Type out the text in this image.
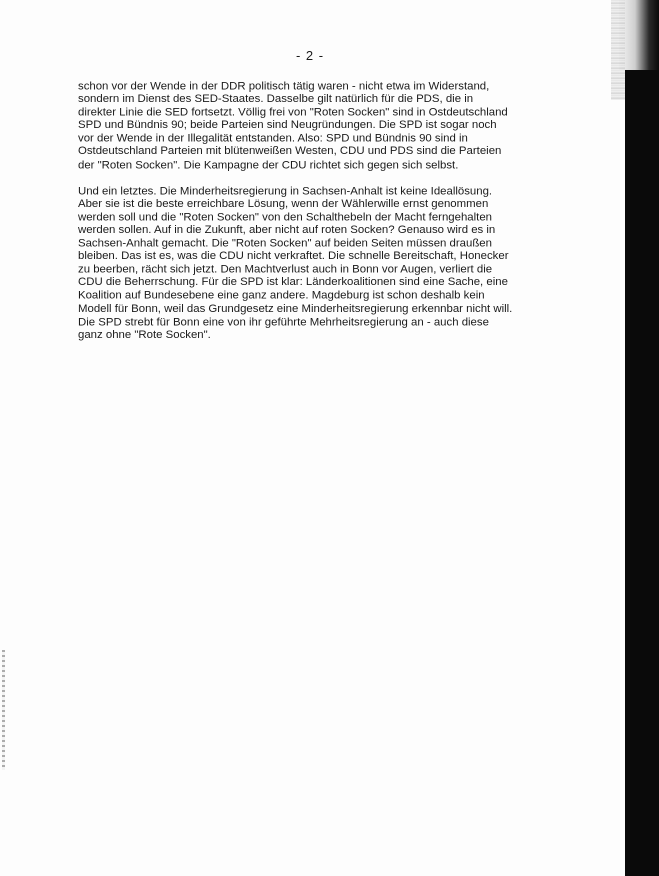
- 2 -
schon vor der Wende in der DDR politisch tätig waren - nicht etwa im Widerstand,
sondern im Dienst des SED-Staates. Dasselbe gilt natürlich für die PDS, die in
direkter Linie die SED fortsetzt. Völlig frei von "Roten Socken" sind in Ostdeutschland
SPD und Bündnis 90; beide Parteien sind Neugründungen. Die SPD ist sogar noch
vor der Wende in der Illegalität entstanden. Also: SPD und Bündnis 90 sind in
Ostdeutschland Parteien mit blütenweißen Westen, CDU und PDS sind die Parteien
der "Roten Socken". Die Kampagne der CDU richtet sich gegen sich selbst.
Und ein letztes. Die Minderheitsregierung in Sachsen-Anhalt ist keine Ideallösung.
Aber sie ist die beste erreichbare Lösung, wenn der Wählerwille ernst genommen
werden soll und die "Roten Socken" von den Schalthebeln der Macht ferngehalten
werden sollen. Auf in die Zukunft, aber nicht auf roten Socken? Genauso wird es in
Sachsen-Anhalt gemacht. Die "Roten Socken" auf beiden Seiten müssen draußen
bleiben. Das ist es, was die CDU nicht verkraftet. Die schnelle Bereitschaft, Honecker
zu beerben, rächt sich jetzt. Den Machtverlust auch in Bonn vor Augen, verliert die
CDU die Beherrschung. Für die SPD ist klar: Länderkoalitionen sind eine Sache, eine
Koalition auf Bundesebene eine ganz andere. Magdeburg ist schon deshalb kein
Modell für Bonn, weil das Grundgesetz eine Minderheitsregierung erkennbar nicht will.
Die SPD strebt für Bonn eine von ihr geführte Mehrheitsregierung an - auch diese
ganz ohne "Rote Socken".
